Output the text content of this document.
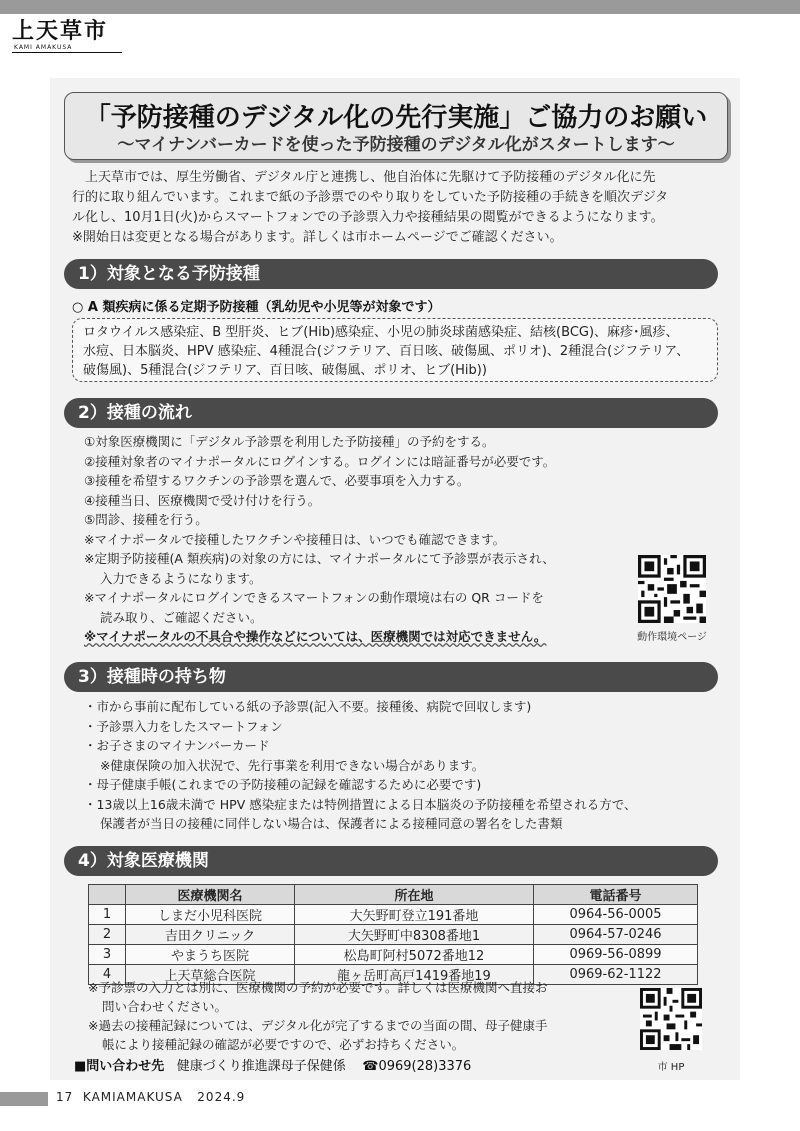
上天草市
KAMI AMAKUSA
「予防接種のデジタル化の先行実施」ご協力のお願い
～マイナンバーカードを使った予防接種のデジタル化がスタートします～

上天草市では、厚生労働省、デジタル庁と連携し、他自治体に先駆けて予防接種のデジタル化に先

行的に取り組んでいます。これまで紙の予診票でのやり取りをしていた予防接種の手続きを順次デジタ

ル化し、10月1日(火)からスマートフォンでの予診票入力や接種結果の閲覧ができるようになります。

※開始日は変更となる場合があります。詳しくは市ホームページでご確認ください。

1）対象となる予防接種
○ A 類疾病に係る定期予防接種（乳幼児や小児等が対象です）
ロタウイルス感染症、B 型肝炎、ヒブ(Hib)感染症、小児の肺炎球菌感染症、結核(BCG)、麻疹･風疹、
水痘、日本脳炎、HPV 感染症、4種混合(ジフテリア、百日咳、破傷風、ポリオ)、2種混合(ジフテリア、
破傷風)、5種混合(ジフテリア、百日咳、破傷風、ポリオ、ヒブ(Hib))
2）接種の流れ
①対象医療機関に「デジタル予診票を利用した予防接種」の予約をする。
②接種対象者のマイナポータルにログインする。ログインには暗証番号が必要です。
③接種を希望するワクチンの予診票を選んで、必要事項を入力する。
④接種当日、医療機関で受け付けを行う。
⑤問診、接種を行う。
※マイナポータルで接種したワクチンや接種日は、いつでも確認できます。
※定期予防接種(A 類疾病)の対象の方には、マイナポータルにて予診票が表示され、
入力できるようになります。
※マイナポータルにログインできるスマートフォンの動作環境は右の QR コードを
読み取り、ご確認ください。
※マイナポータルの不具合や操作などについては、医療機関では対応できません。	動作環境ページ
3）接種時の持ち物
・市から事前に配布している紙の予診票(記入不要。接種後、病院で回収します)
・予診票入力をしたスマートフォン
・お子さまのマイナンバーカード
※健康保険の加入状況で、先行事業を利用できない場合があります。
・母子健康手帳(これまでの予防接種の記録を確認するために必要です)
・13歳以上16歳未満で HPV 感染症または特例措置による日本脳炎の予防接種を希望される方で、
保護者が当日の接種に同伴しない場合は、保護者による接種同意の署名をした書類
4）対象医療機関
	医療機関名	所在地	電話番号
1	しまだ小児科医院	大矢野町登立191番地	0964-56-0005
2	吉田クリニック	大矢野町中8308番地1	0964-57-0246
3	やまうち医院	松島町阿村5072番地12	0969-56-0899
4	上天草総合医院	龍ヶ岳町高戸1419番地19	0969-62-1122
※予診票の入力とは別に、医療機関の予約が必要です。詳しくは医療機関へ直接お
問い合わせください。
※過去の接種記録については、デジタル化が完了するまでの当面の間、母子健康手
帳により接種記録の確認が必要ですので、必ずお持ちください。
市 HP
■問い合わせ先 健康づくり推進課母子保健係 ☎0969(28)3376
17 KAMIAMAKUSA 2024.9
